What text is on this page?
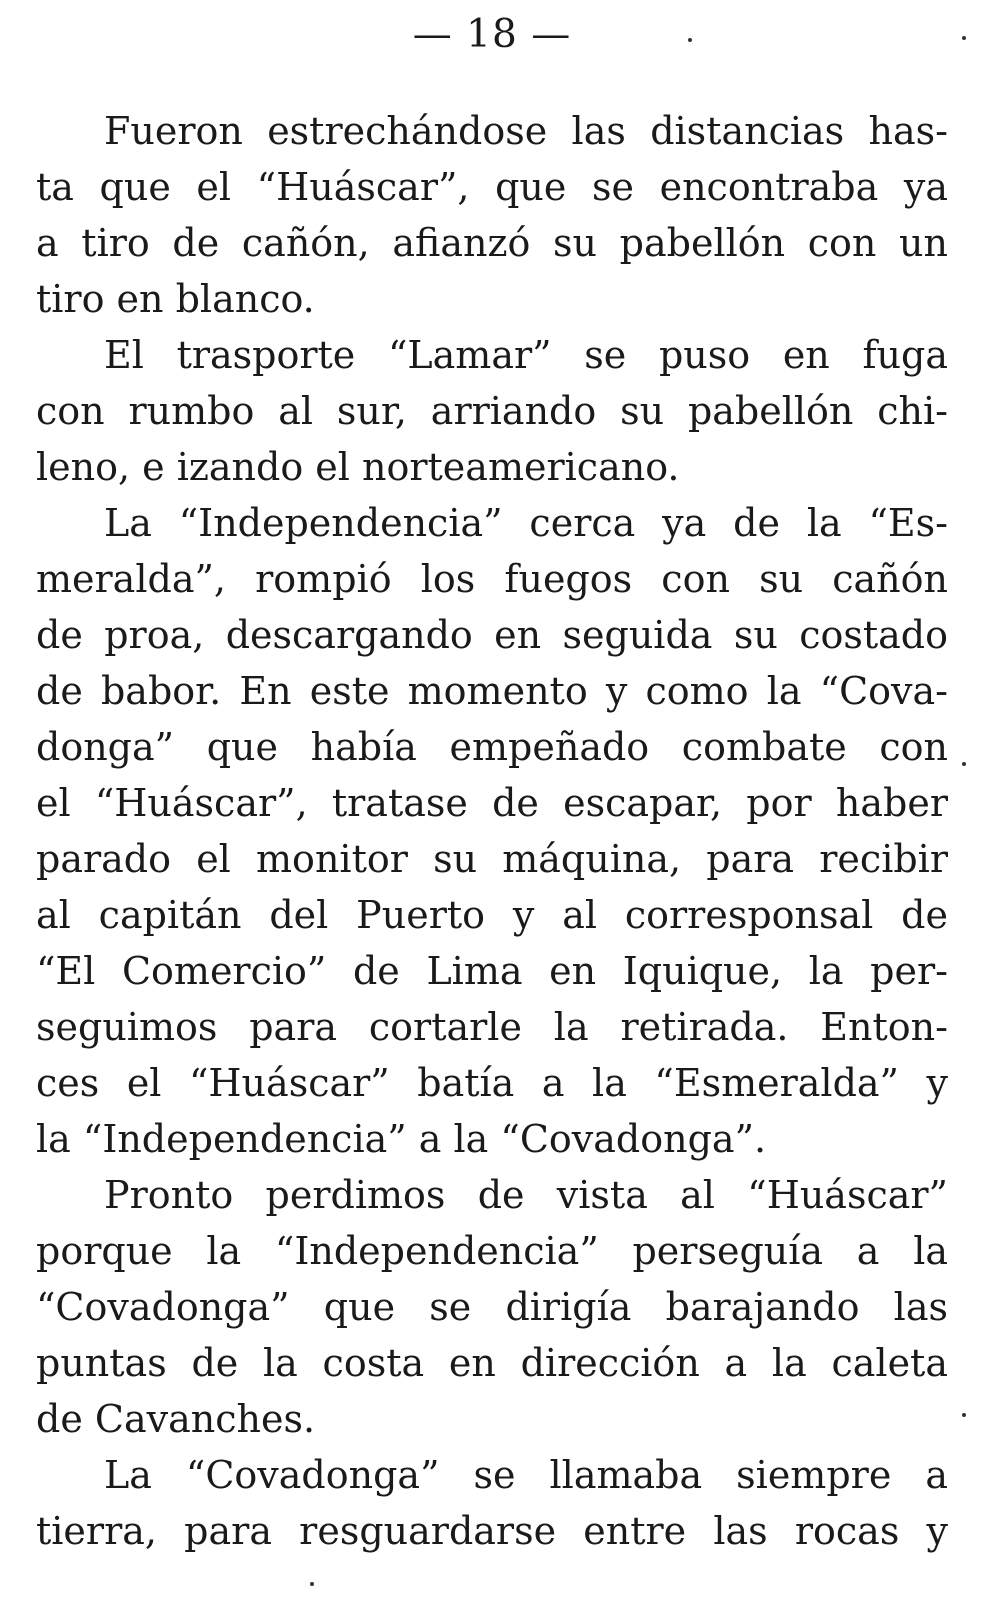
— 18 —
Fueron estrechándose las distancias has-
ta que el “Huáscar”, que se encontraba ya
a tiro de cañón, afianzó su pabellón con un
tiro en blanco.
El trasporte “Lamar” se puso en fuga
con rumbo al sur, arriando su pabellón chi-
leno, e izando el norteamericano.
La “Independencia” cerca ya de la “Es-
meralda”, rompió los fuegos con su cañón
de proa, descargando en seguida su costado
de babor. En este momento y como la “Cova-
donga” que había empeñado combate con
el “Huáscar”, tratase de escapar, por haber
parado el monitor su máquina, para recibir
al capitán del Puerto y al corresponsal de
“El Comercio” de Lima en Iquique, la per-
seguimos para cortarle la retirada. Enton-
ces el “Huáscar” batía a la “Esmeralda” y
la “Independencia” a la “Covadonga”.
Pronto perdimos de vista al “Huáscar”
porque la “Independencia” perseguía a la
“Covadonga” que se dirigía barajando las
puntas de la costa en dirección a la caleta
de Cavanches.
La “Covadonga” se llamaba siempre a
tierra, para resguardarse entre las rocas y
